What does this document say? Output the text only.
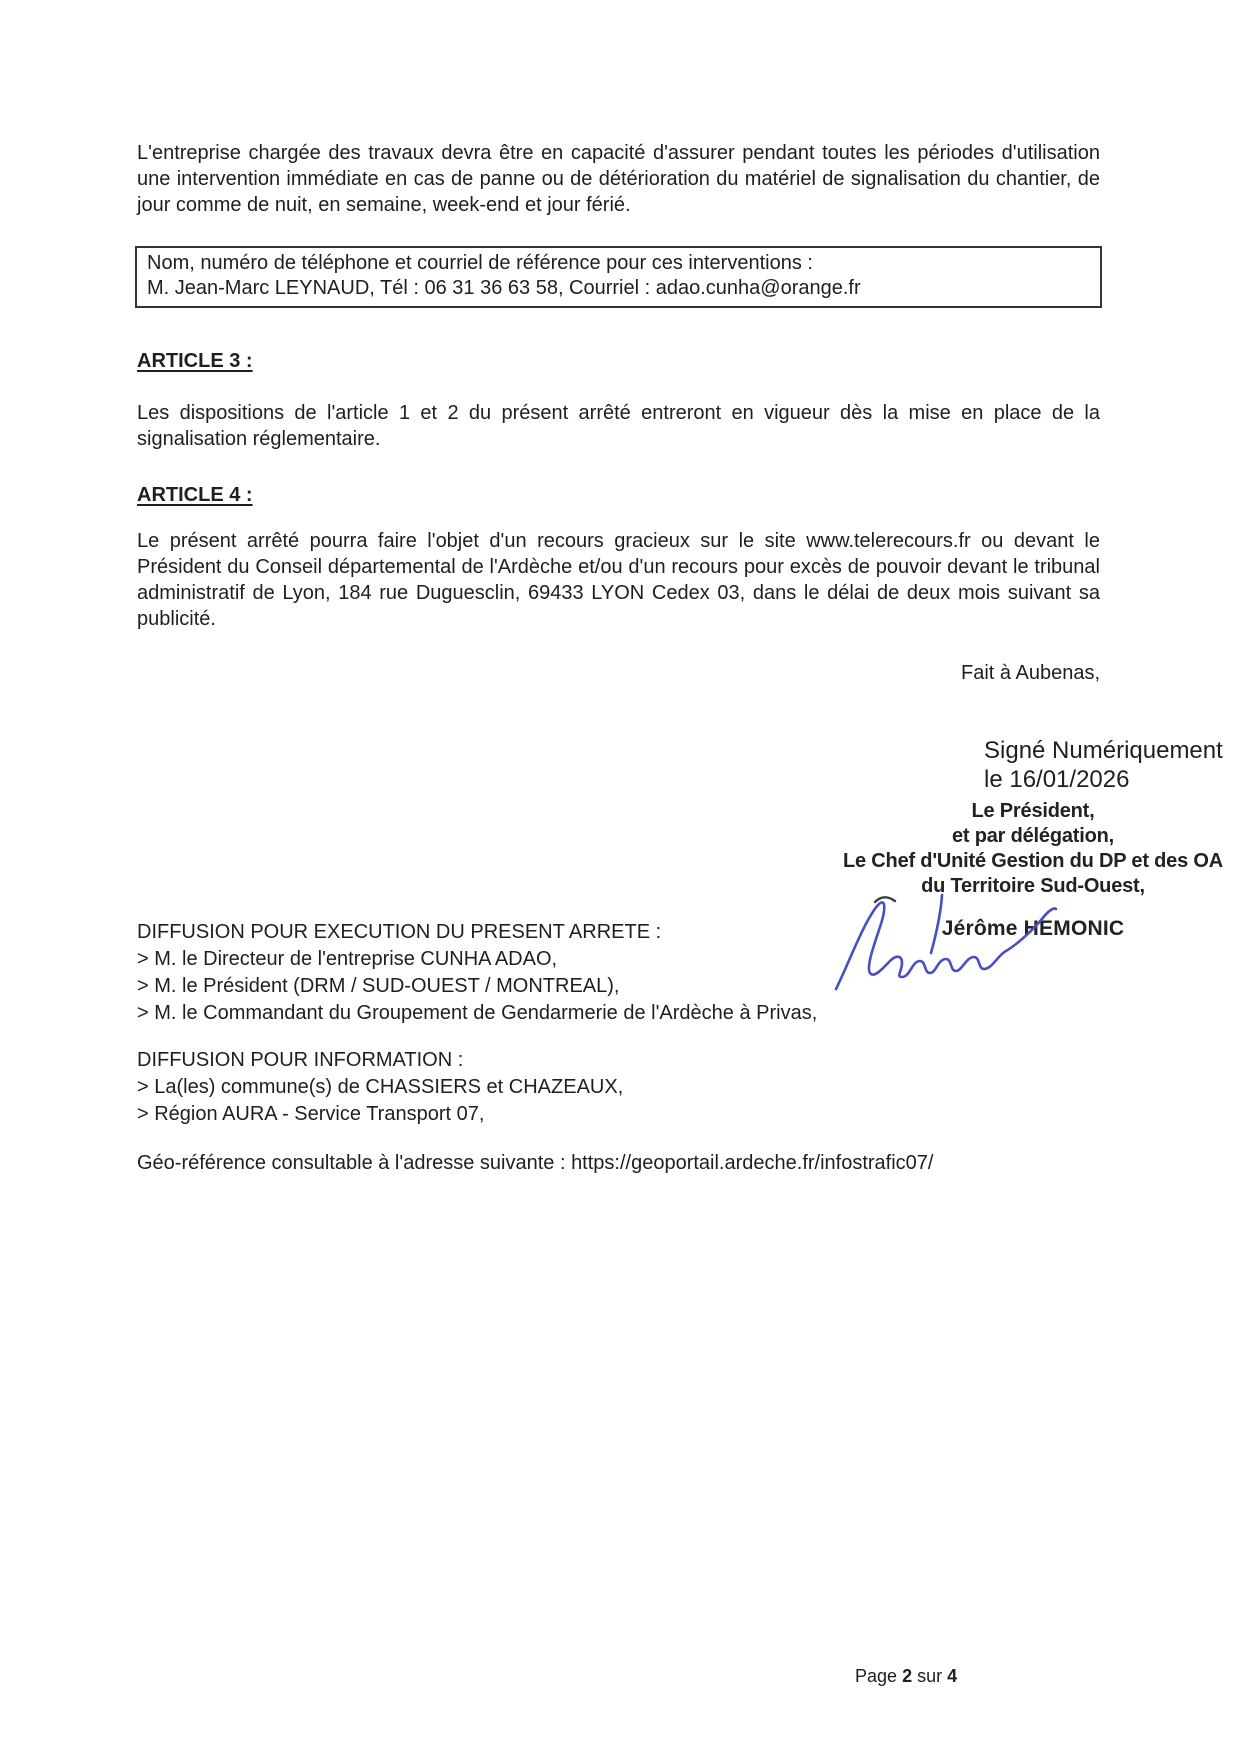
L'entreprise chargée des travaux devra être en capacité d'assurer pendant toutes les périodes d'utilisation une intervention immédiate en cas de panne ou de détérioration du matériel de signalisation du chantier, de jour comme de nuit, en semaine, week-end et jour férié.

Nom, numéro de téléphone et courriel de référence pour ces interventions :
M. Jean-Marc LEYNAUD, Tél : 06 31 36 63 58, Courriel : adao.cunha@orange.fr
ARTICLE 3 :

Les dispositions de l'article 1 et 2 du présent arrêté entreront en vigueur dès la mise en place de la signalisation réglementaire.

ARTICLE 4 :

Le présent arrêté pourra faire l'objet d'un recours gracieux sur le site www.telerecours.fr ou devant le Président du Conseil départemental de l'Ardèche et/ou d'un recours pour excès de pouvoir devant le tribunal administratif de Lyon, 184 rue Duguesclin, 69433 LYON Cedex 03, dans le délai de deux mois suivant sa publicité.

Fait à Aubenas,
Signé Numériquement
le 16/01/2026
Le Président,
et par délégation,
Le Chef d'Unité Gestion du DP et des OA
du Territoire Sud-Ouest,
Jérôme HEMONIC
DIFFUSION POUR EXECUTION DU PRESENT ARRETE :
> M. le Directeur de l'entreprise CUNHA ADAO,
> M. le Président (DRM / SUD-OUEST / MONTREAL),
> M. le Commandant du Groupement de Gendarmerie de l'Ardèche à Privas,
DIFFUSION POUR INFORMATION :
> La(les) commune(s) de CHASSIERS et CHAZEAUX,
> Région AURA - Service Transport 07,
Géo-référence consultable à l'adresse suivante : https://geoportail.ardeche.fr/infostrafic07/
Page 2 sur 4
